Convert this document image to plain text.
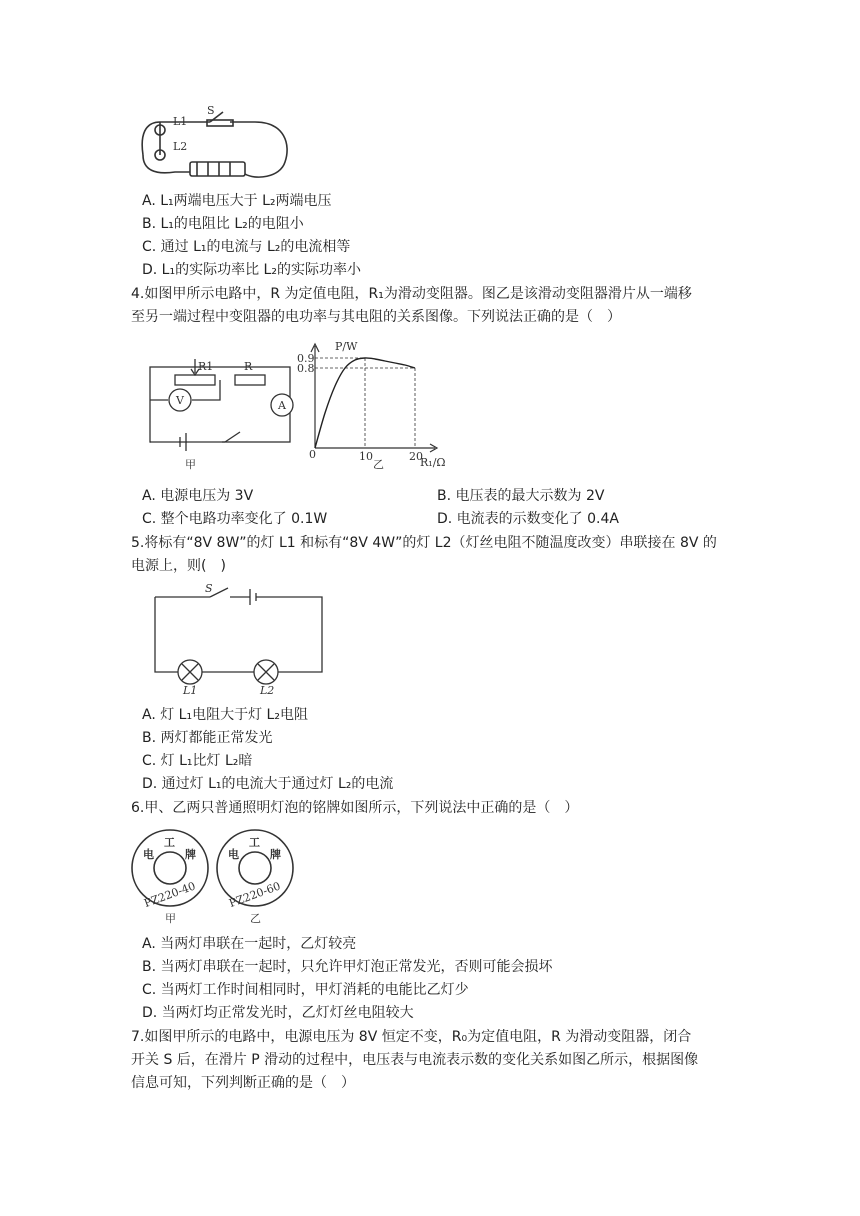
L1
L2
S
A. L₁两端电压大于 L₂两端电压
B. L₁的电阻比 L₂的电阻小
C. 通过 L₁的电流与 L₂的电流相等
D. L₁的实际功率比 L₂的实际功率小
4.如图甲所示电路中，R 为定值电阻，R₁为滑动变阻器。图乙是该滑动变阻器滑片从一端移
至另一端过程中变阻器的电功率与其电阻的关系图像。下列说法正确的是（　）
R1	R
V	A
甲
P/W
R₁/Ω
0
0.9
0.8
10	20
乙
A. 电源电压为 3V	B. 电压表的最大示数为 2V
C. 整个电路功率变化了 0.1W	D. 电流表的示数变化了 0.4A
5.将标有“8V 8W”的灯 L1 和标有“8V 4W”的灯 L2（灯丝电阻不随温度改变）串联接在 8V 的
电源上，则(　)
S
L1	L2
A. 灯 L₁电阻大于灯 L₂电阻
B. 两灯都能正常发光
C. 灯 L₁比灯 L₂暗
D. 通过灯 L₁的电流大于通过灯 L₂的电流
6.甲、乙两只普通照明灯泡的铭牌如图所示，下列说法中正确的是（　）
电
工
牌
PZ220-40
电
工
牌
PZ220-60
甲	乙
A. 当两灯串联在一起时，乙灯较亮
B. 当两灯串联在一起时，只允许甲灯泡正常发光，否则可能会损坏
C. 当两灯工作时间相同时，甲灯消耗的电能比乙灯少
D. 当两灯均正常发光时，乙灯灯丝电阻较大
7.如图甲所示的电路中，电源电压为 8V 恒定不变，R₀为定值电阻，R 为滑动变阻器，闭合
开关 S 后，在滑片 P 滑动的过程中，电压表与电流表示数的变化关系如图乙所示，根据图像
信息可知，下列判断正确的是（　）
